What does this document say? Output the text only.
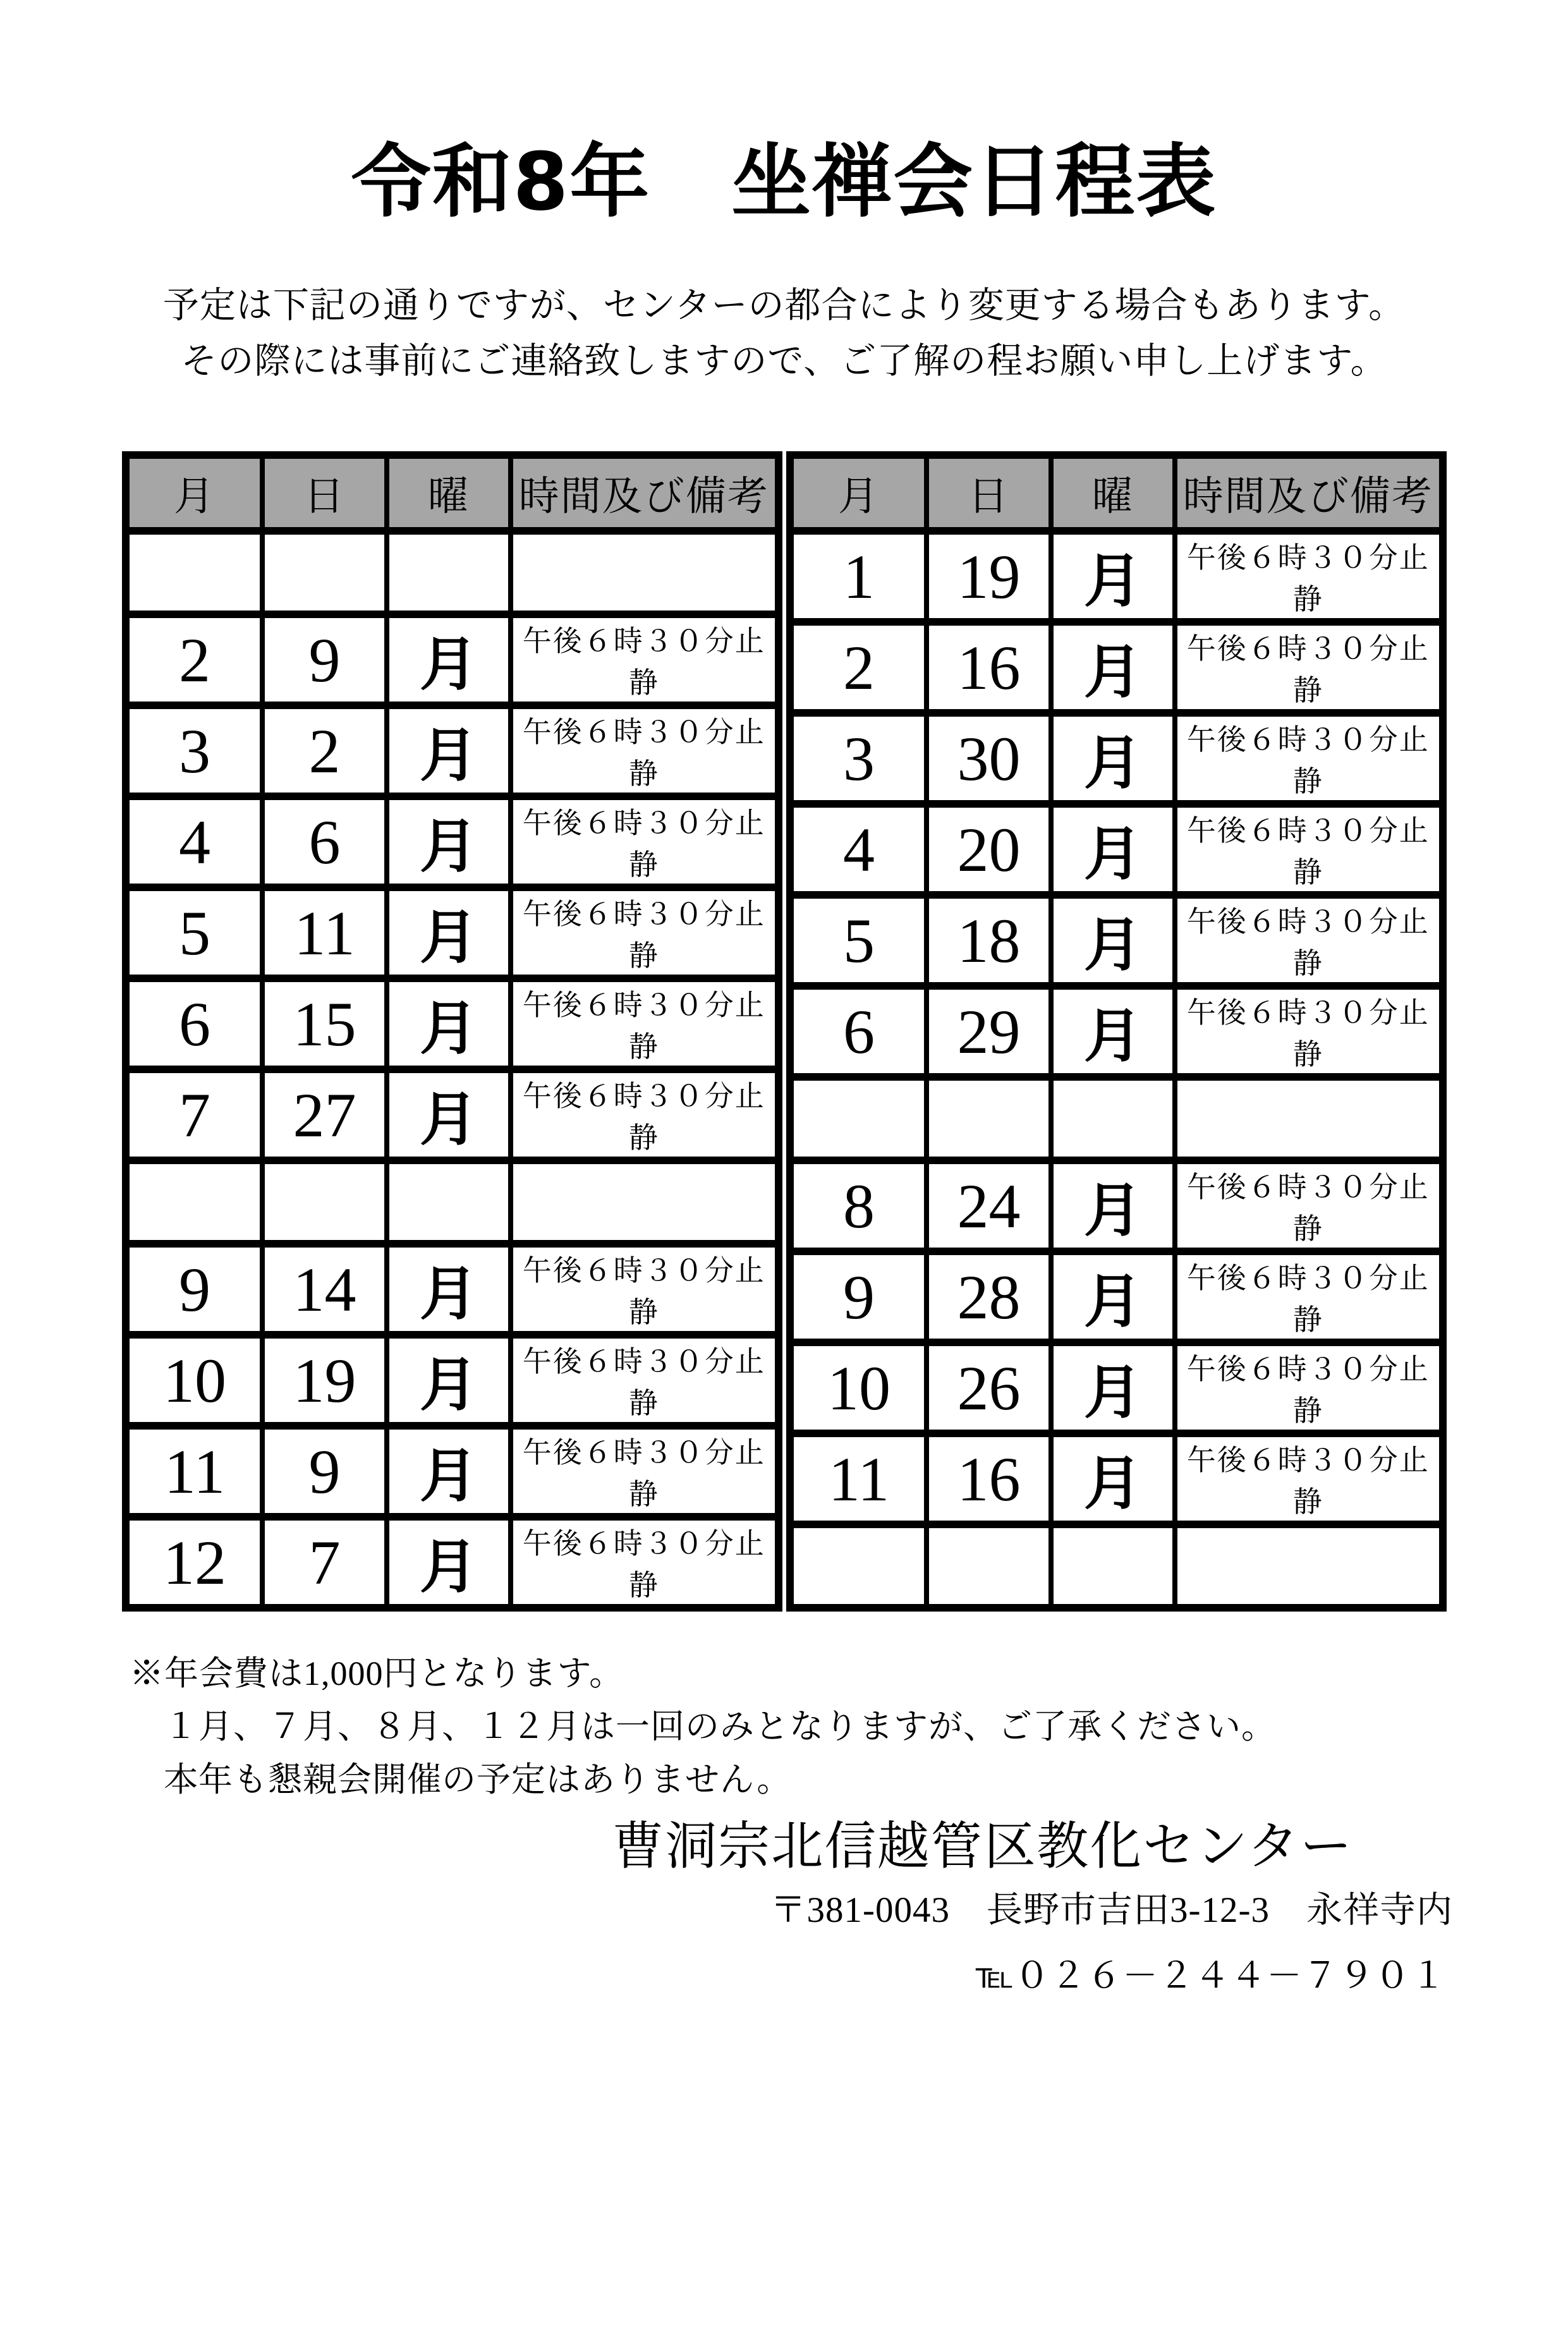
令和8年　坐禅会日程表
予定は下記の通りですが、センターの都合により変更する場合もあります。
その際には事前にご連絡致しますので、ご了解の程お願い申し上げます。
月	日	曜	時間及び備考

2	9	月	午後６時３０分止静
3	2	月	午後６時３０分止静
4	6	月	午後６時３０分止静
5	11	月	午後６時３０分止静
6	15	月	午後６時３０分止静
7	27	月	午後６時３０分止静

9	14	月	午後６時３０分止静
10	19	月	午後６時３０分止静
11	9	月	午後６時３０分止静
12	7	月	午後６時３０分止静
月	日	曜	時間及び備考
1	19	月	午後６時３０分止静
2	16	月	午後６時３０分止静
3	30	月	午後６時３０分止静
4	20	月	午後６時３０分止静
5	18	月	午後６時３０分止静
6	29	月	午後６時３０分止静

8	24	月	午後６時３０分止静
9	28	月	午後６時３０分止静
10	26	月	午後６時３０分止静
11	16	月	午後６時３０分止静

※年会費は1,000円となります。
１月、７月、８月、１２月は一回のみとなりますが、ご了承ください。
本年も懇親会開催の予定はありません。
曹洞宗北信越管区教化センター
〒381-0043　長野市吉田3-12-3　永祥寺内
℡０２６－２４４－７９０１
